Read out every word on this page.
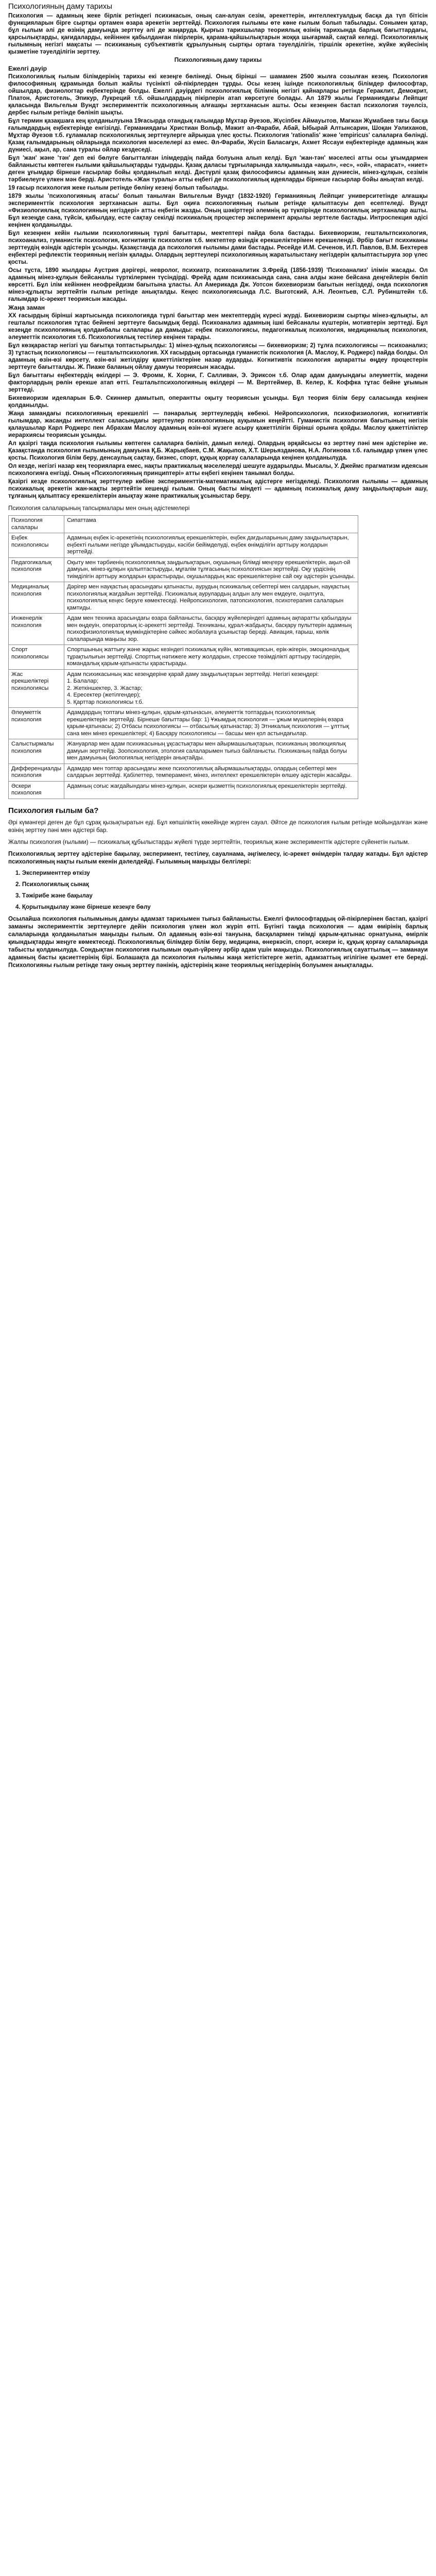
Психологияның даму тарихы

Психология — адамның жеке бірлік ретіндегі психикасын, оның сан-алуан сезім, әрекеттерін, интеллектуалдық басқа да түп бітісін функцияларын бірге сыртқы ортамен өзара әрекетін зерттейді. Психология ғылымы өте көне ғылым болып табылады. Сонымен қатар, бұл ғылым әлі де өзінің дамуында зерттеу әлі де жаңаруда. Қырғыз тарихшылар теориялық өзінің тарихында барлық бағыттардағы, қарсылықтарды, қағидаларды, кейіннен қабылданған пікірлерін, қарама-қайшылықтарын жоққа шығармай, сақтай келеді. Психологиялық ғылымның негізгі мақсаты — психиканың субъективтік құрылуының сыртқы ортаға тәуелділігін, тіршілік әрекетіне, жүйке жүйесінің қызметіне тәуелділігін зерттеу.

Психологияның даму тарихы
Ежелгі дәуір

Психологиялық ғылым білімдерінің тарихы екі кезеңге бөлінеді. Онық бірінші — шамамен 2500 жылға созылған кезең. Психология философияның құрамында болып жайлы түсінікті ой-пікірлерден тұрды. Осы кезең ішінде психологиялық білімдер философтар, ойшылдар, физиологтар еңбектерінде болды. Ежелгі дәуірдегі психологиялық білімнің негізгі қайнарлары ретінде Гераклит, Демокрит, Платон, Аристотель, Эпикур, Лукреций т.б. ойшылдардың пікірлерін атап көрсетуге болады. Ал 1879 жылы Германиядағы Лейпциг қаласында Вильгельм Вундт эксперименттік психологияның алғашқы зертханасын ашты. Осы кезеңнен бастап психология тәуелсіз, дербес ғылым ретінде бөлініп шықты.

Бұл термин қазақшаға кең қолданылуына 19ғасырда отандық ғалымдар Мұхтар Әуезов, Жүсіпбек Аймауытов, Мағжан Жұмабаев тағы басқа ғалымдардың еңбектерінде енгізілді. Германиядағы Христиан Вольф, Мәжит әл-Фараби, Абай, Ыбырай Алтынсарин, Шоқан Уәлиханов, Мұхтар Әуезов т.б. ғұламалар психологиялық зерттеулерге айрықша үлес қосты. Психология 'rationalis' және 'empiricus' салаларға бөлінді. Қазақ ғалымдарының ойларында психология мәселелері аз емес. Әл-Фараби, Жүсіп Баласағұн, Ахмет Яссауи еңбектерінде адамның жан дүниесі, ақыл, ар, сана туралы ойлар кездеседі.

Бұл 'жан' және 'тән' деп екі бөлуге бағытталған ілімдердің пайда болуына алып келді. Бұл 'жан-тән' мәселесі атты осы ұғымдармен байланысты көптеген ғылыми қайшылықтарды тудырды. Қазақ даласы тұрғыларында халқымызда «ақыл», «ес», «ой», «парасат», «ниет» деген ұғымдар бірнеше ғасырлар бойы қолданылып келді. Дәстүрлі қазақ философиясы адамның жан дүниесін, мінез-құлқын, сезімін тәрбиелеуге үлкен мән берді. Аристотель «Жан туралы» атты еңбегі де психологиялық идеяларды бірнеше ғасырлар бойы анықтап келді.

19 ғасыр психология жеке ғылым ретінде бөліну кезеңі болып табылады.

1879 жылы 'психологияның атасы' болып танылған Вильгельм Вундт (1832-1920) Германияның Лейпциг университетінде алғашқы эксперименттік психология зертханасын ашты. Бұл оқиға психологияның ғылым ретінде қалыптасуы деп есептеледі. Вундт «Физиологиялық психологияның негіздері» атты еңбегін жазды. Оның шәкірттері әлемнің әр түкпірінде психологиялық зертханалар ашты. Бұл кезеңде сана, түйсік, қабылдау, есте сақтау секілді психикалық процестер эксперимент арқылы зерттеле бастады. Интроспекция әдісі кеңінен қолданылды.

Бұл кезеңнен кейін ғылыми психологияның түрлі бағыттары, мектептері пайда бола бастады. Бихевиоризм, гештальтпсихология, психоанализ, гуманистік психология, когнитивтік психология т.б. мектептер өзіндік ерекшеліктерімен ерекшеленді. Әрбір бағыт психиканы зерттеудің өзіндік әдістерін ұсынды. Қазақстанда да психология ғылымы дами бастады. Ресейде И.М. Сеченов, И.П. Павлов, В.М. Бехтерев еңбектері рефлекстік теорияның негізін қалады. Олардың зерттеулері психологияның жаратылыстану негіздерін қалыптастыруға зор үлес қосты.

Осы тұста, 1890 жылдары Аустрия дәрігері, невролог, психиатр, психоаналитик З.Фрейд (1856-1939) 'Психоанализ' ілімін жасады. Ол адамның мінез-құлқын бейсаналы түрткілермен түсіндірді. Фрейд адам психикасында сана, сана алды және бейсана деңгейлерін бөліп көрсетті. Бұл ілім кейіннен неофрейдизм бағытына ұласты. Ал Америкада Дж. Уотсон бихевиоризм бағытын негіздеді, онда психология мінез-құлықты зерттейтін ғылым ретінде анықталды. Кеңес психологиясында Л.С. Выготский, А.Н. Леонтьев, С.Л. Рубинштейн т.б. ғалымдар іс-әрекет теориясын жасады.

Жаңа заман

ХХ ғасырдың бірінші жартысында психологияда түрлі бағыттар мен мектептердің күресі жүрді. Бихевиоризм сыртқы мінез-құлықты, ал гештальт психология тұтас бейнені зерттеуге басымдық берді. Психоанализ адамның ішкі бейсаналы күштерін, мотивтерін зерттеді. Бұл кезеңде психологияның қолданбалы салалары да дамыды: еңбек психологиясы, педагогикалық психология, медициналық психология, әлеуметтік психология т.б. Психологиялық тестілер кеңінен тарады.

Бұл көзқарастар негізгі үш бағытқа топтастырылды: 1) мінез-құлық психологиясы — бихевиоризм; 2) тұлға психологиясы — психоанализ; 3) тұтастық психологиясы — гештальтпсихология. ХХ ғасырдың ортасында гуманистік психология (А. Маслоу, К. Роджерс) пайда болды. Ол адамның өзін-өзі көрсету, өзін-өзі жетілдіру қажеттіліктеріне назар аударды. Когнитивтік психология ақпаратты өңдеу процестерін зерттеуге бағытталды. Ж. Пиаже баланың ойлау дамуы теориясын жасады.

Бұл бағыттағы еңбектердің өкілдері — Э. Фромм, К. Хорни, Г. Салливан, Э. Эриксон т.б. Олар адам дамуындағы әлеуметтік, мәдени факторлардың рөлін ерекше атап өтті. Гештальтпсихологияның өкілдері — М. Вертгеймер, В. Келер, К. Коффка тұтас бейне ұғымын зерттеді.

Бихевиоризм идеяларын Б.Ф. Скиннер дамытып, оперантты оқыту теориясын ұсынды. Бұл теория білім беру саласында кеңінен қолданылды.

Жаңа замандағы психологияның ерекшелігі — пәнаралық зерттеулердің көбеюі. Нейропсихология, психофизиология, когнитивтік ғылымдар, жасанды интеллект саласындағы зерттеулер психологияның ауқымын кеңейтті. Гуманистік психология бағытының негізін қалаушылар Карл Роджерс пен Абрахам Маслоу адамның өзін-өзі жүзеге асыру қажеттілігін бірінші орынға қойды. Маслоу қажеттіліктер иерархиясы теориясын ұсынды.

Ал қазіргі таңда психология ғылымы көптеген салаларға бөлініп, дамып келеді. Олардың әрқайсысы өз зерттеу пәні мен әдістеріне ие. Қазақстанда психология ғылымының дамуына Қ.Б. Жарықбаев, С.М. Жақыпов, Х.Т. Шерьязданова, Н.А. Логинова т.б. ғалымдар үлкен үлес қосты. Психология білім беру, денсаулық сақтау, бизнес, спорт, құқық қорғау салаларында кеңінен қолданылуда.

Ол кезде, негізгі назар кең теорияларға емес, нақты практикалық мәселелерді шешуге аударылды. Мысалы, У. Джеймс прагматизм идеясын психологияға енгізді. Оның «Психологияның принциптері» атты еңбегі кеңінен танымал болды.

Қазіргі кезде психологиялық зерттеулер көбіне эксперименттік-математикалық әдістерге негізделеді. Психология ғылымы — адамның психикалық әрекетін жан-жақты зерттейтін кешенді ғылым. Оның басты міндеті — адамның психикалық даму заңдылықтарын ашу, тұлғаның қалыптасу ерекшеліктерін анықтау және практикалық ұсыныстар беру.

Психология салаларының тапсырмалары мен оның әдістемелері
Психология салалары	Сипаттама
Еңбек психологиясы	Адамның еңбек іс-әрекетінің психологиялық ерекшеліктерін, еңбек дағдыларының даму заңдылықтарын, еңбекті ғылыми негізде ұйымдастыруды, кәсіби бейімделуді, еңбек өнімділігін арттыру жолдарын зерттейді.
Педагогикалық психология	Оқыту мен тәрбиенің психологиялық заңдылықтарын, оқушының білімді меңгеру ерекшеліктерін, ақыл-ой дамуын, мінез-құлқын қалыптастыруды, мұғалім тұлғасының психологиясын зерттейді. Оқу үрдісінің тиімділігін арттыру жолдарын қарастырады, оқушылардың жас ерекшеліктеріне сай оқу әдістерін ұсынады.
Медициналық психология	Дәрігер мен науқастың арасындағы қатынасты, аурудың психикалық себептері мен салдарын, науқастың психологиялық жағдайын зерттейді. Психикалық аурулардың алдын алу мен емдеуге, оңалтуға, психологиялық кеңес беруге көмектеседі. Нейропсихология, патопсихология, психотерапия салаларын қамтиды.
Инженерлік психология	Адам мен техника арасындағы өзара байланысты, басқару жүйелеріндегі адамның ақпаратты қабылдауы мен өңдеуін, операторлық іс-әрекетті зерттейді. Техниканы, құрал-жабдықты, басқару пульттерін адамның психофизиологиялық мүмкіндіктеріне сәйкес жобалауға ұсыныстар береді. Авиация, ғарыш, көлік салаларында маңызы зор.
Спорт психологиясы	Спортшының жаттығу және жарыс кезіндегі психикалық күйін, мотивациясын, ерік-жігерін, эмоционалдық тұрақтылығын зерттейді. Спорттық нәтижеге жету жолдарын, стресске төзімділікті арттыру тәсілдерін, командалық қарым-қатынасты қарастырады.
Жас ерекшеліктері психологиясы	Адам психикасының жас кезеңдеріне қарай даму заңдылықтарын зерттейді. Негізгі кезеңдері:
1. Балалар;
2. Жеткіншектер, 3. Жастар;
4. Ересектер (жетілгендер);
5. Қарттар психологиясы т.б.

Әлеуметтік психология	Адамдардың топтағы мінез-құлқын, қарым-қатынасын, әлеуметтік топтардың психологиялық ерекшеліктерін зерттейді. Бірнеше бағыттары бар: 1) Ұжымдық психология — ұжым мүшелерінің өзара қарым-қатынасы; 2) Отбасы психологиясы — отбасылық қатынастар; 3) Этникалық психология — ұлттық сана мен мінез ерекшеліктері; 4) Басқару психологиясы — басшы мен қол астындағылар.
Салыстырмалы психология	Жануарлар мен адам психикасының ұқсастықтары мен айырмашылықтарын, психиканың эволюциялық дамуын зерттейді. Зоопсихология, этология салаларымен тығыз байланысты. Психиканың пайда болуы мен дамуының биологиялық негіздерін анықтайды.
Дифференциалды психология	Адамдар мен топтар арасындағы жеке психологиялық айырмашылықтарды, олардың себептері мен салдарын зерттейді. Қабілеттер, темперамент, мінез, интеллект ерекшеліктерін өлшеу әдістерін жасайды.
Әскери психология	Адамның соғыс жағдайындағы мінез-құлқын, әскери қызметтің психологиялық ерекшеліктерін зерттейді.
Психология ғылым ба?

Әрі күмәнгері деген де бұл сұрақ қызықтыратын еді. Бұл көпшіліктің көкейінде жүрген сауал. Әйтсе де психология ғылым ретінде мойындалған және өзінің зерттеу пәні мен әдістері бар.

Жалпы психология (ғылыми) — психикалық құбылыстарды жүйелі түрде зерттейтін, теориялық және эксперименттік әдістерге сүйенетін ғылым.

Психологиялық зерттеу әдістеріне бақылау, эксперимент, тестілеу, сауалнама, әңгімелесу, іс-әрекет өнімдерін талдау жатады. Бұл әдістер психологияның нақты ғылым екенін дәлелдейді. Ғылымның маңызды белгілері:

1. Эксперименттер өткізу
2. Психологиялық сынақ
3. Тәжірибе және бақылау
4. Қорытындылау және бірнеше кезеңге бөлу

Осылайша психология ғылымының дамуы адамзат тарихымен тығыз байланысты. Ежелгі философтардың ой-пікірлерінен бастап, қазіргі заманғы эксперименттік зерттеулерге дейін психология үлкен жол жүріп өтті. Бүгінгі таңда психология — адам өмірінің барлық салаларында қолданылатын маңызды ғылым. Ол адамның өзін-өзі тануына, басқалармен тиімді қарым-қатынас орнатуына, өмірлік қиындықтарды жеңуге көмектеседі. Психологиялық білімдер білім беру, медицина, өнеркәсіп, спорт, әскери іс, құқық қорғау салаларында табысты қолданылуда. Сондықтан психология ғылымын оқып-үйрену әрбір адам үшін маңызды. Психологиялық сауаттылық — заманауи адамның басты қасиеттерінің бірі. Болашақта да психология ғылымы жаңа жетістіктерге жетіп, адамзаттың игілігіне қызмет ете береді. Психологияны ғылым ретінде тану оның зерттеу пәнінің, әдістерінің және теориялық негіздерінің болуымен анықталады.
